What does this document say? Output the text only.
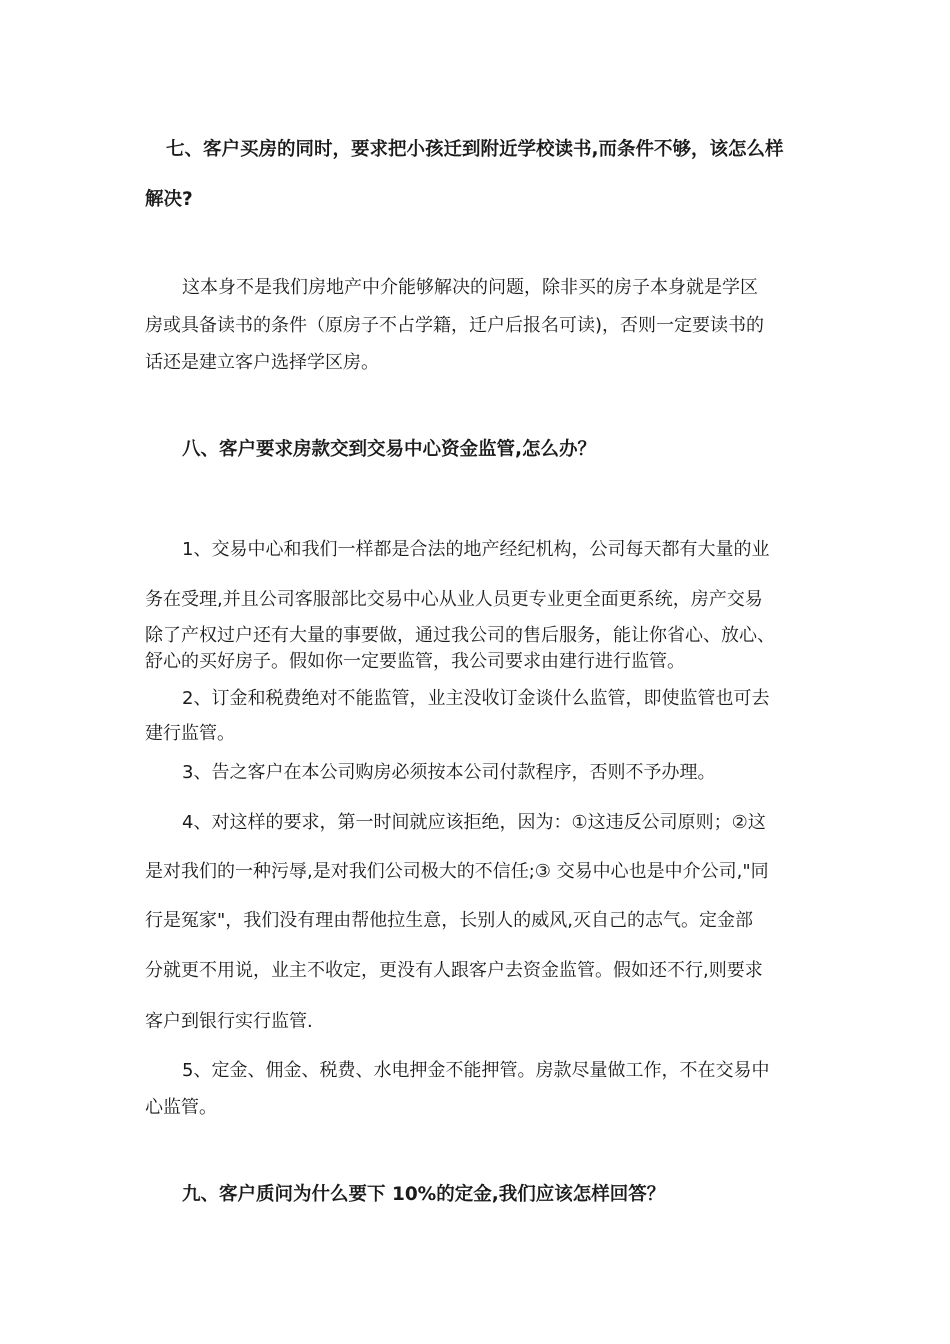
七、客户买房的同时，要求把小孩迁到附近学校读书,而条件不够，该怎么样
解决?
这本身不是我们房地产中介能够解决的问题，除非买的房子本身就是学区
房或具备读书的条件（原房子不占学籍，迁户后报名可读)，否则一定要读书的
话还是建立客户选择学区房。
八、客户要求房款交到交易中心资金监管,怎么办？
1、交易中心和我们一样都是合法的地产经纪机构，公司每天都有大量的业
务在受理,并且公司客服部比交易中心从业人员更专业更全面更系统，房产交易
除了产权过户还有大量的事要做，通过我公司的售后服务，能让你省心、放心、
舒心的买好房子。假如你一定要监管，我公司要求由建行进行监管。
2、订金和税费绝对不能监管，业主没收订金谈什么监管，即使监管也可去
建行监管。
3、告之客户在本公司购房必须按本公司付款程序，否则不予办理。
4、对这样的要求，第一时间就应该拒绝，因为：①这违反公司原则；②这
是对我们的一种污辱,是对我们公司极大的不信任;③ 交易中心也是中介公司,"同
行是冤家"，我们没有理由帮他拉生意，长别人的威风,灭自己的志气。定金部
分就更不用说，业主不收定，更没有人跟客户去资金监管。假如还不行,则要求
客户到银行实行监管.
5、定金、佣金、税费、水电押金不能押管。房款尽量做工作，不在交易中
心监管。
九、客户质问为什么要下 10%的定金,我们应该怎样回答？
